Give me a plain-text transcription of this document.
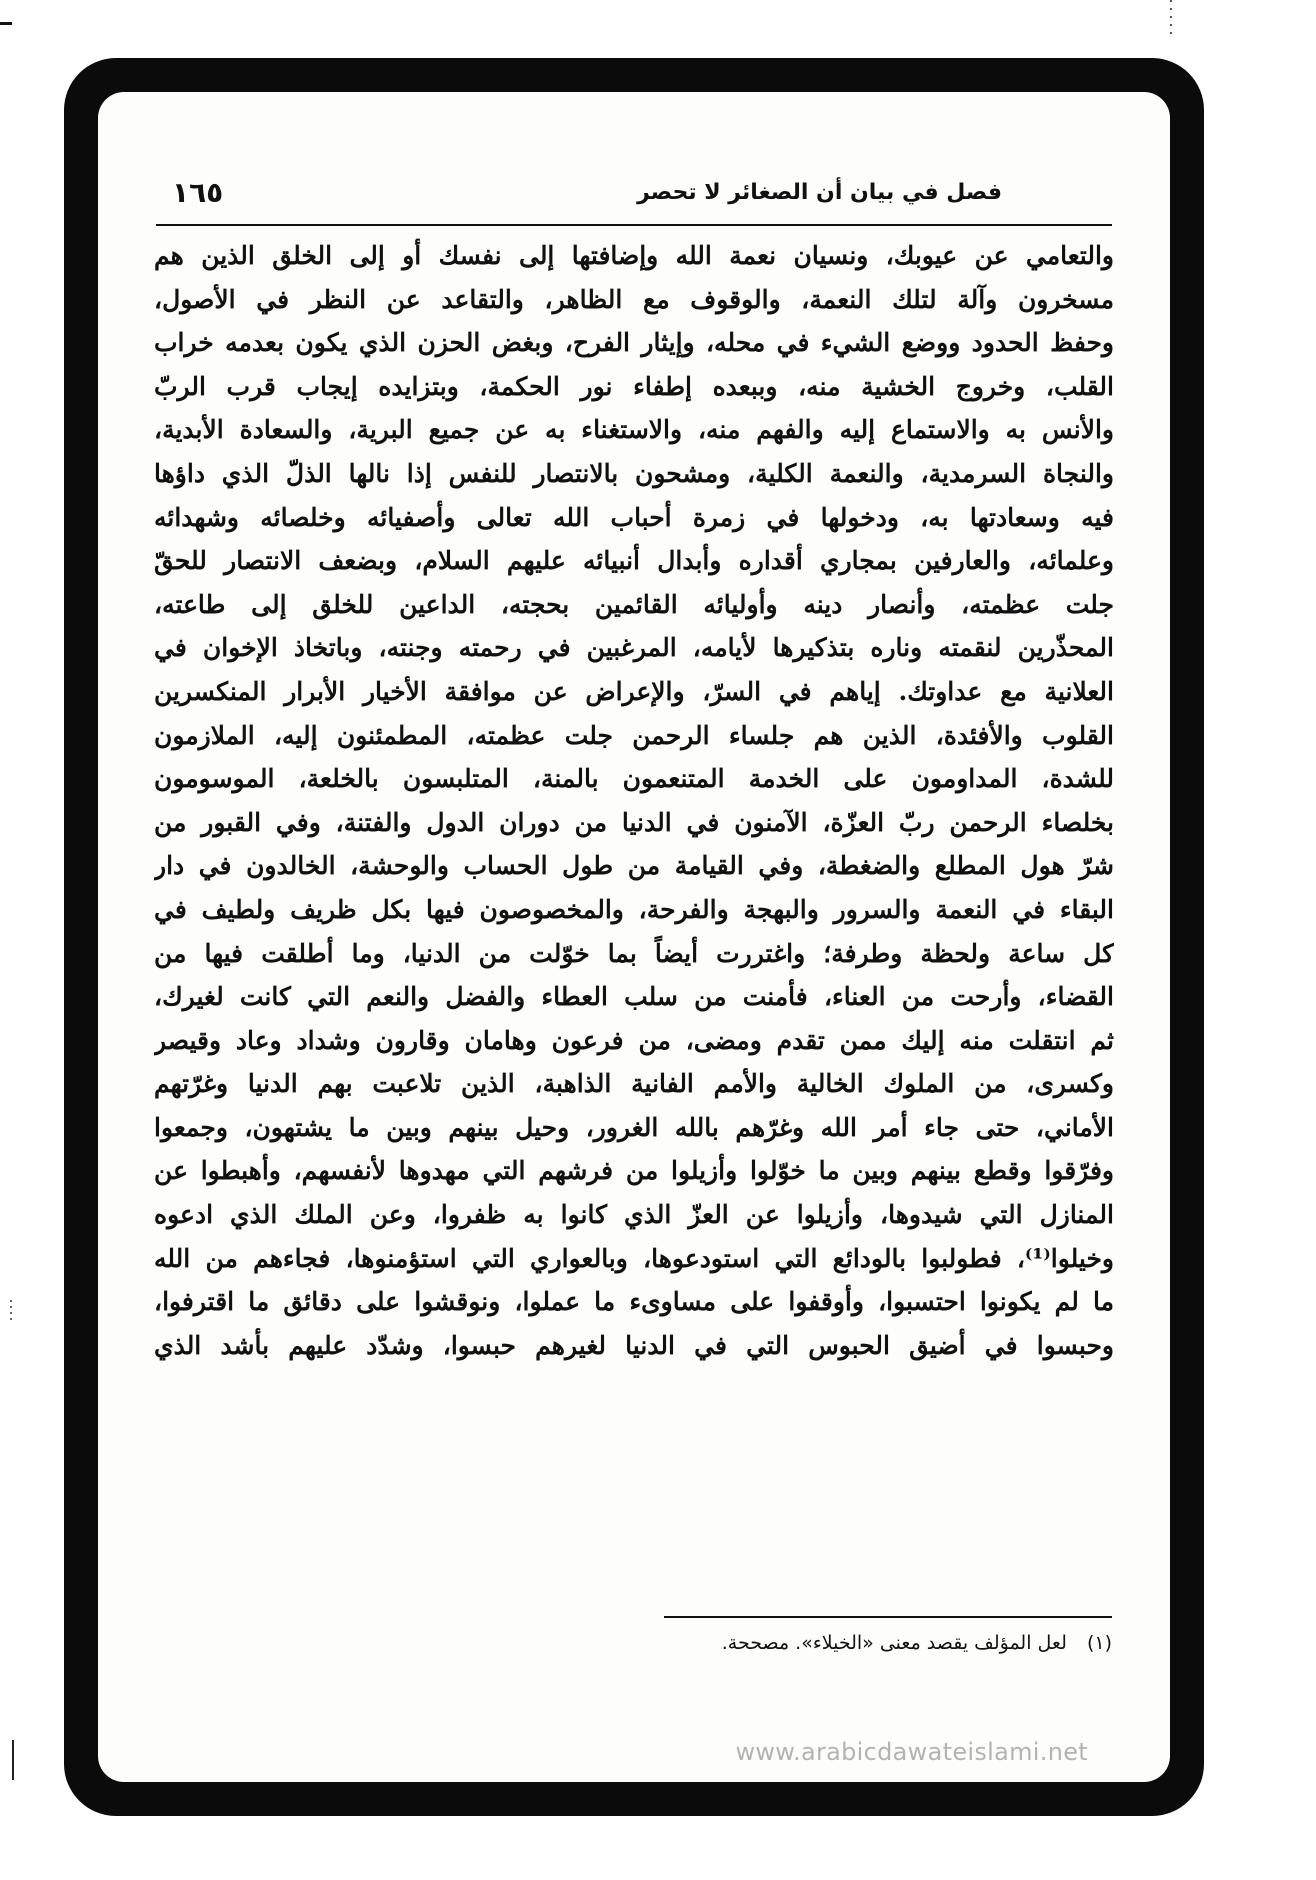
فصل في بيان أن الصغائر لا تحصر
١٦٥
والتعامي عن عيوبك، ونسيان نعمة الله وإضافتها إلى نفسك أو إلى الخلق الذين هم
مسخرون وآلة لتلك النعمة، والوقوف مع الظاهر، والتقاعد عن النظر في الأصول،
وحفظ الحدود ووضع الشيء في محله، وإيثار الفرح، وبغض الحزن الذي يكون بعدمه خراب
القلب، وخروج الخشية منه، وببعده إطفاء نور الحكمة، وبتزايده إيجاب قرب الربّ
والأنس به والاستماع إليه والفهم منه، والاستغناء به عن جميع البرية، والسعادة الأبدية،
والنجاة السرمدية، والنعمة الكلية، ومشحون بالانتصار للنفس إذا نالها الذلّ الذي داؤها
فيه وسعادتها به، ودخولها في زمرة أحباب الله تعالى وأصفيائه وخلصائه وشهدائه
وعلمائه، والعارفين بمجاري أقداره وأبدال أنبيائه عليهم السلام، وبضعف الانتصار للحقّ
جلت عظمته، وأنصار دينه وأوليائه القائمين بحجته، الداعين للخلق إلى طاعته،
المحذّرين لنقمته وناره بتذكيرها لأيامه، المرغبين في رحمته وجنته، وباتخاذ الإخوان في
العلانية مع عداوتك. إياهم في السرّ، والإعراض عن موافقة الأخيار الأبرار المنكسرين
القلوب والأفئدة، الذين هم جلساء الرحمن جلت عظمته، المطمئنون إليه، الملازمون
للشدة، المداومون على الخدمة المتنعمون بالمنة، المتلبسون بالخلعة، الموسومون
بخلصاء الرحمن ربّ العزّة، الآمنون في الدنيا من دوران الدول والفتنة، وفي القبور من
شرّ هول المطلع والضغطة، وفي القيامة من طول الحساب والوحشة، الخالدون في دار
البقاء في النعمة والسرور والبهجة والفرحة، والمخصوصون فيها بكل ظريف ولطيف في
كل ساعة ولحظة وطرفة؛ واغتررت أيضاً بما خوّلت من الدنيا، وما أطلقت فيها من
القضاء، وأرحت من العناء، فأمنت من سلب العطاء والفضل والنعم التي كانت لغيرك،
ثم انتقلت منه إليك ممن تقدم ومضى، من فرعون وهامان وقارون وشداد وعاد وقيصر
وكسرى، من الملوك الخالية والأمم الفانية الذاهبة، الذين تلاعبت بهم الدنيا وغرّتهم
الأماني، حتى جاء أمر الله وغرّهم بالله الغرور، وحيل بينهم وبين ما يشتهون، وجمعوا
وفرّقوا وقطع بينهم وبين ما خوّلوا وأزيلوا من فرشهم التي مهدوها لأنفسهم، وأهبطوا عن
المنازل التي شيدوها، وأزيلوا عن العزّ الذي كانوا به ظفروا، وعن الملك الذي ادعوه
وخيلوا⁽¹⁾، فطولبوا بالودائع التي استودعوها، وبالعواري التي استؤمنوها، فجاءهم من الله
ما لم يكونوا احتسبوا، وأوقفوا على مساوىء ما عملوا، ونوقشوا على دقائق ما اقترفوا،
وحبسوا في أضيق الحبوس التي في الدنيا لغيرهم حبسوا، وشدّد عليهم بأشد الذي
(١) لعل المؤلف يقصد معنى «الخيلاء». مصححة.
www.arabicdawateislami.net
